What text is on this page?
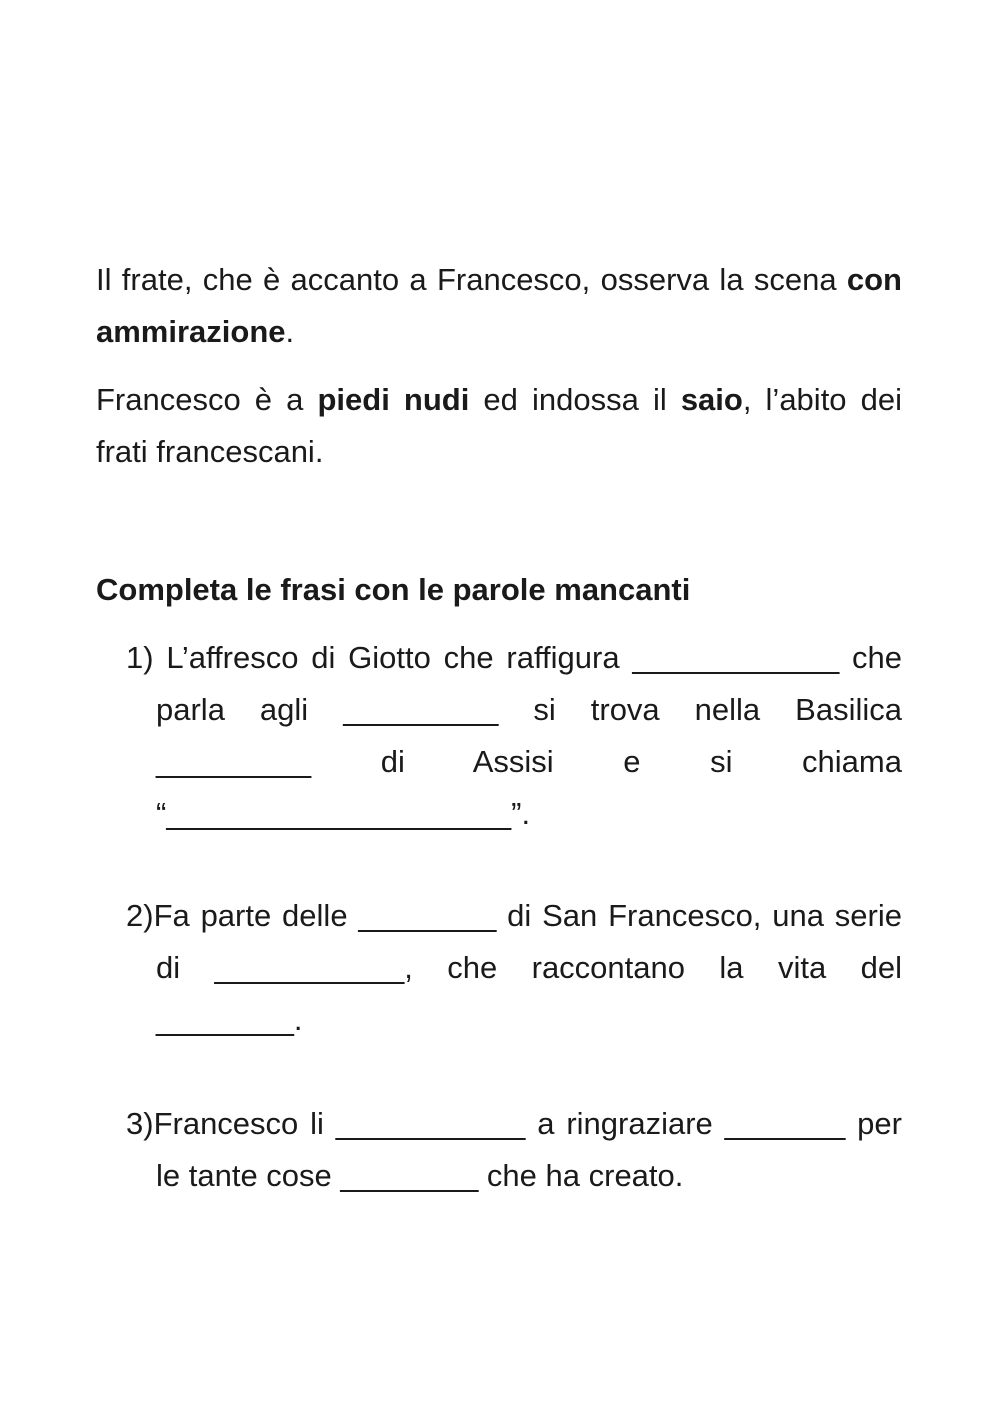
Il frate, che è accanto a Francesco, osserva la scena con ammirazione.

Francesco è a piedi nudi ed indossa il saio, l’abito dei frati francescani.

Completa le frasi con le parole mancanti

1) L’affresco di Giotto che raffigura ____________ che parla agli _________ si trova nella Basilica _________ di Assisi e si chiama “____________________”.

2)Fa parte delle ________ di San Francesco, una serie di ___________, che raccontano la vita del ________.

3)Francesco li ___________ a ringraziare _______ per le tante cose ________ che ha creato.
